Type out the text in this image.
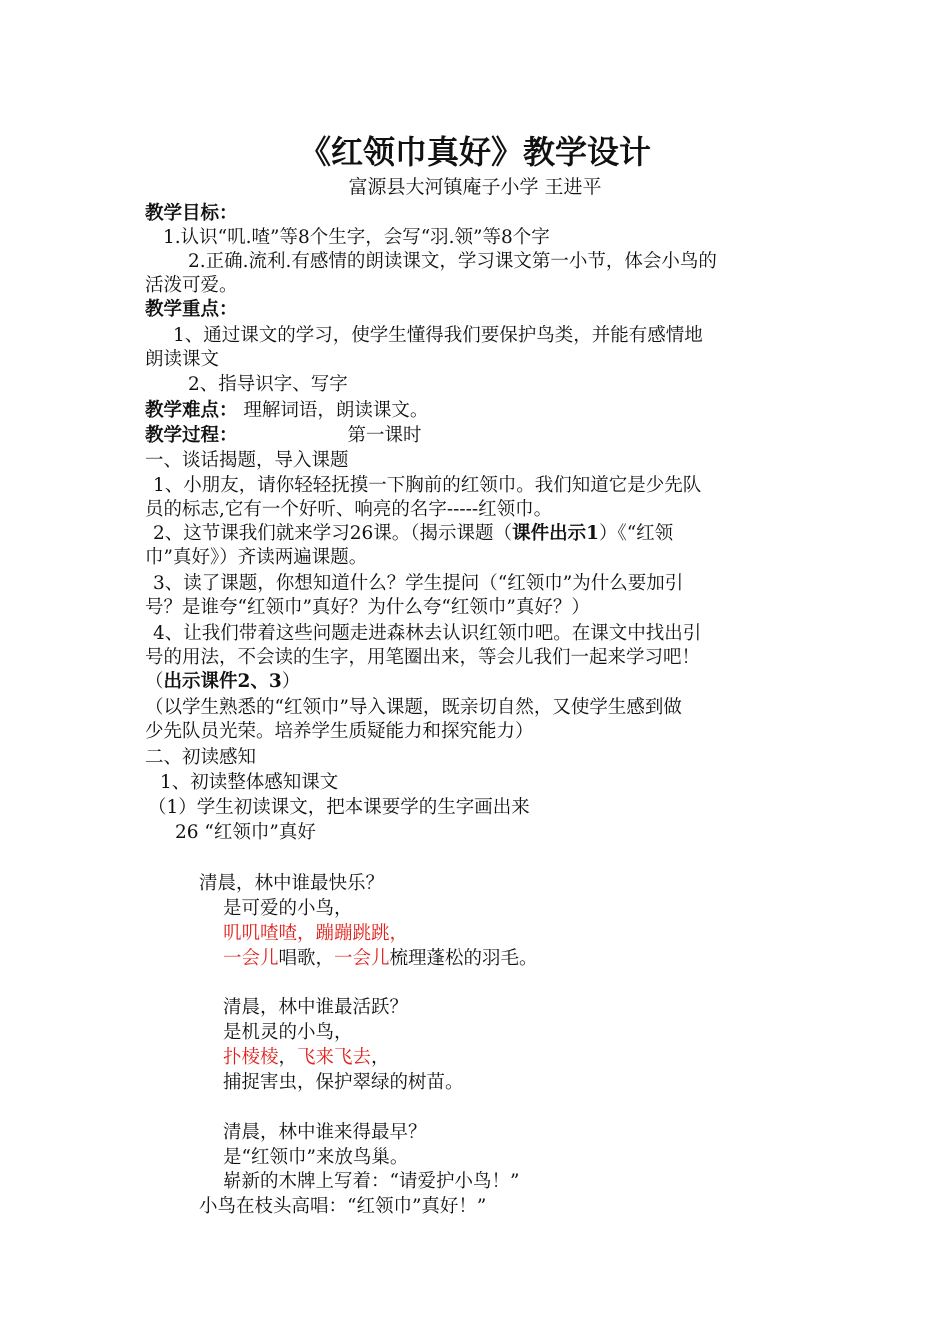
《红领巾真好》教学设计
富源县大河镇庵子小学 王进平
教学目标：
1.认识“叽.喳”等8个生字，会写“羽.领”等8个字
2.正确.流利.有感情的朗读课文，学习课文第一小节，体会小鸟的
活泼可爱。
教学重点：
1、通过课文的学习，使学生懂得我们要保护鸟类，并能有感情地
朗读课文
2、指导识字、写字
教学难点： 理解词语，朗读课文。
教学过程：	第一课时
一、谈话揭题，导入课题
1、小朋友，请你轻轻抚摸一下胸前的红领巾。我们知道它是少先队
员的标志,它有一个好听、响亮的名字-----红领巾。
2、这节课我们就来学习26课。（揭示课题（课件出示1）《“红领
巾”真好》）齐读两遍课题。
3、读了课题，你想知道什么？学生提问（“红领巾”为什么要加引
号？是谁夸“红领巾”真好？为什么夸“红领巾”真好？）
4、让我们带着这些问题走进森林去认识红领巾吧。在课文中找出引
号的用法，不会读的生字，用笔圈出来，等会儿我们一起来学习吧！
（出示课件2、3）
（以学生熟悉的“红领巾”导入课题，既亲切自然，又使学生感到做
少先队员光荣。培养学生质疑能力和探究能力）
二、初读感知
1、初读整体感知课文
（1）学生初读课文，把本课要学的生字画出来
26 “红领巾”真好
清晨，林中谁最快乐？
是可爱的小鸟，
叽叽喳喳，蹦蹦跳跳，
一会儿唱歌，一会儿梳理蓬松的羽毛。
清晨，林中谁最活跃？
是机灵的小鸟，
扑棱棱，飞来飞去，
捕捉害虫，保护翠绿的树苗。
清晨，林中谁来得最早？
是“红领巾”来放鸟巢。
崭新的木牌上写着：“请爱护小鸟！”
小鸟在枝头高唱：“红领巾”真好！”
